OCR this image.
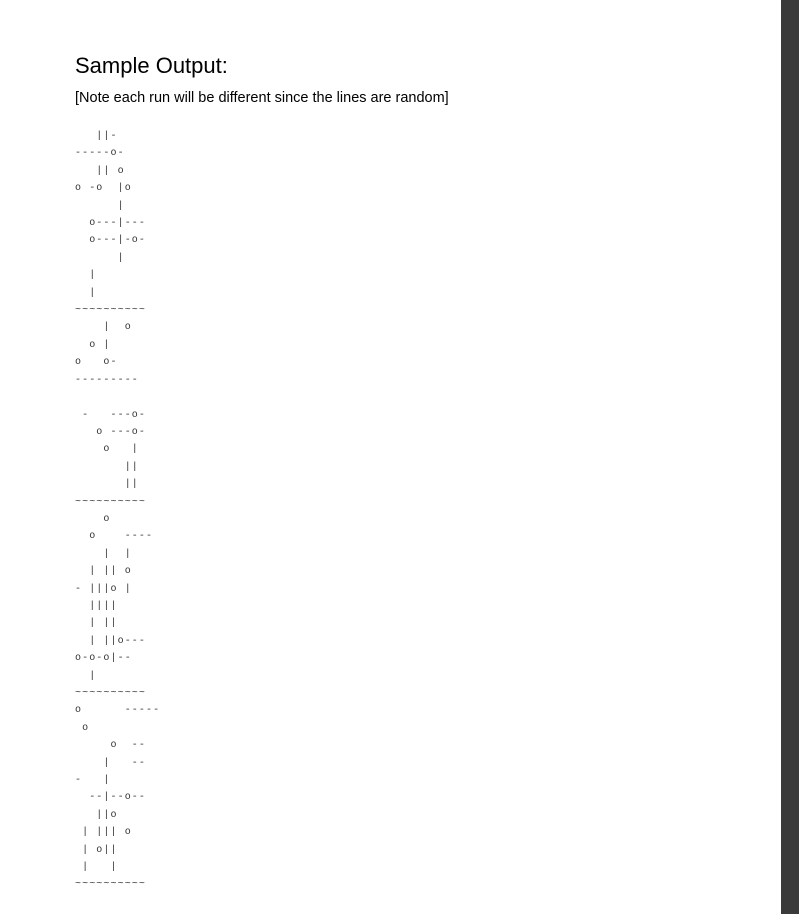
Sample Output:

[Note each run will be different since the lines are random]

||-
-----o-
|| o
o -o  |o
|
o---|---
o---|-o-
|
|
|
~~~~~~~~~~
|  o
o |
o   o-
---------

-   ---o-
o ---o-
o   |
||
||
~~~~~~~~~~
o
o    ----
|  |
| || o
- |||o |
||||
| ||
| ||o---
o-o-o|--
|
~~~~~~~~~~
o      -----
o
o  --
|   --
-   |
--|--o--
||o
| ||| o
| o||
|   |
~~~~~~~~~~
